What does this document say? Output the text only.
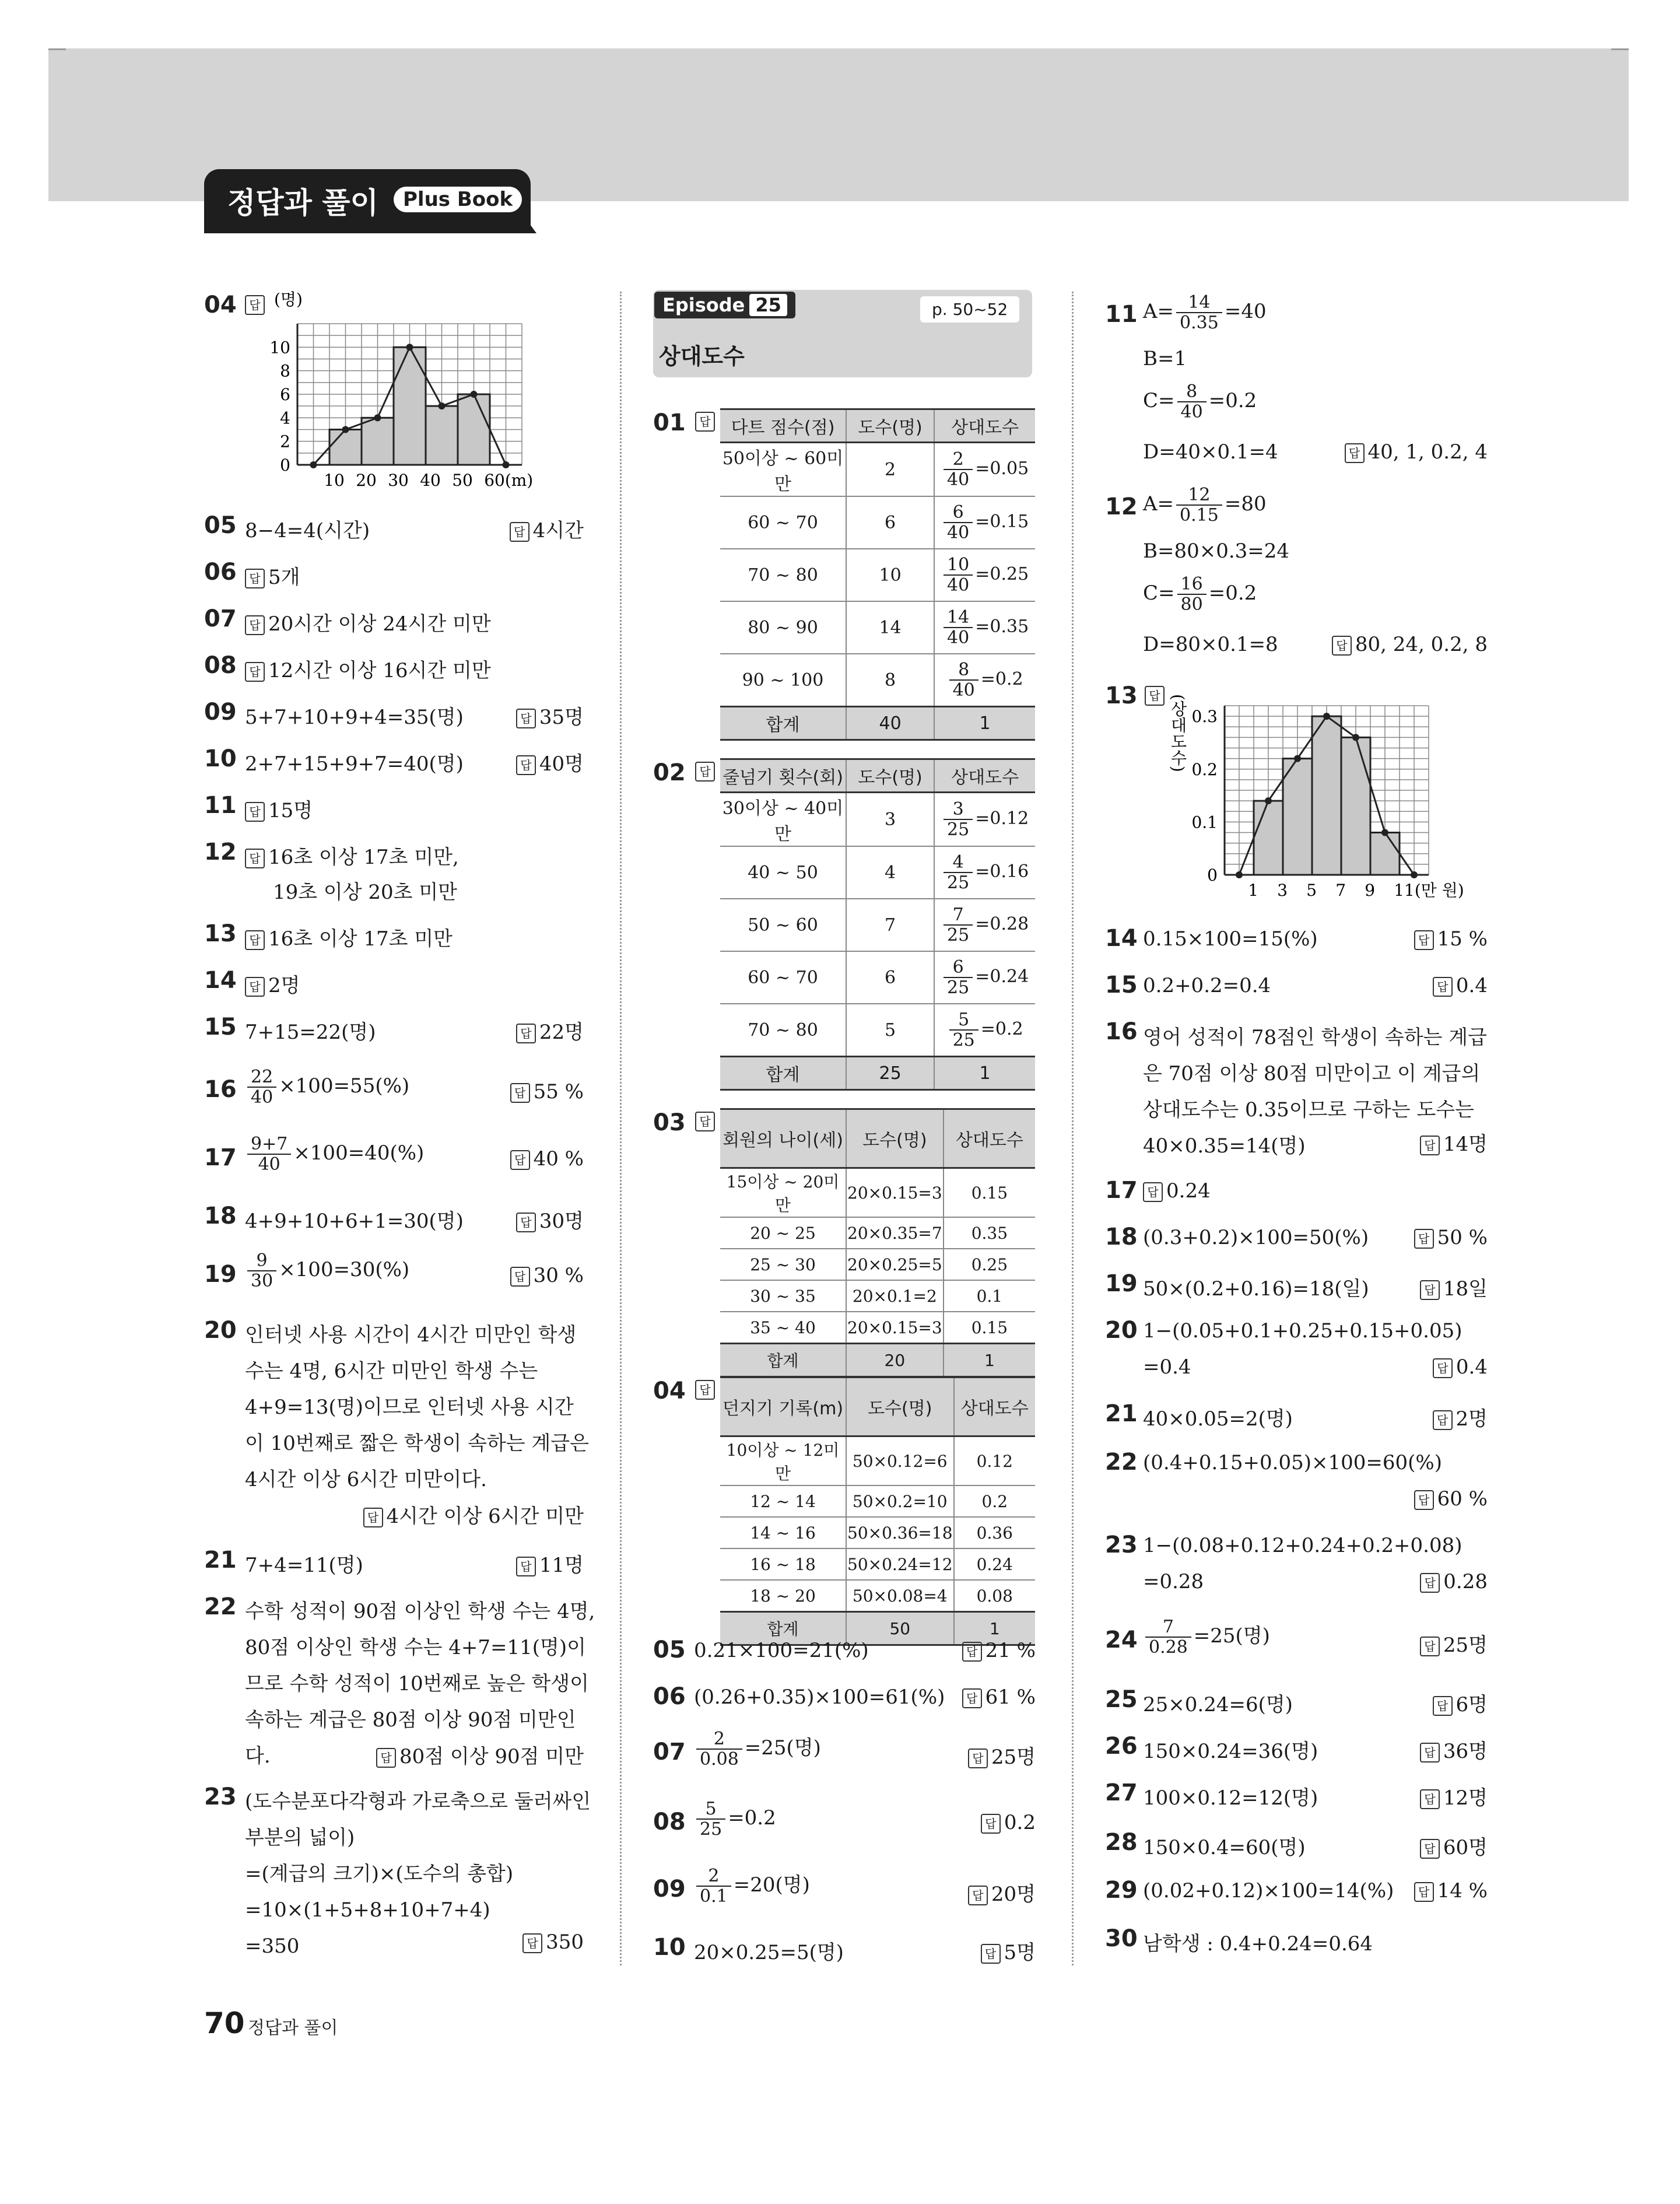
정답과 풀이	Plus Book
04	답
0
2
4
6
8
10
10 20 30 40 50 60(m)
(명)
05 8−4=4(시간)	답 4시간
06	답 5개
07	답 20시간 이상 24시간 미만
08	답 12시간 이상 16시간 미만
09 5+7+10+9+4=35(명)	답 35명
10 2+7+15+9+7=40(명)	답 40명
11	답 15명
12	답 16초 이상 17초 미만,
19초 이상 20초 미만
13	답 16초 이상 17초 미만
14	답 2명
15 7+15=22(명)	답 22명
$16 \frac{22}{40} \times 100=55(\%)$	답 55 %
$17 \frac{9+7}{40} \times 100=40(\%)$	답 40 %
18 4+9+10+6+1=30(명)	답 30명
$19 \frac{9}{30} \times 100=30(\%)$	답 30 %
20 인터넷 사용 시간이 4시간 미만인 학생
수는 4명, 6시간 미만인 학생 수는
4+9=13(명)이므로 인터넷 사용 시간
이 10번째로 짧은 학생이 속하는 계급은
4시간 이상 6시간 미만이다.
답 4시간 이상 6시간 미만
21 7+4=11(명)	답 11명
22 수학 성적이 90점 이상인 학생 수는 4명,
80점 이상인 학생 수는 4+7=11(명)이
므로 수학 성적이 10번째로 높은 학생이
속하는 계급은 80점 이상 90점 미만인
다.	답 80점 이상 90점 미만
23 (도수분포다각형과 가로축으로 둘러싸인
부분의 넓이)
=(계급의 크기)×(도수의 총합)
=10×(1+5+8+10+7+4)
=350	답 350
Episode 25	p. 50~52
상대도수
01	답 다트 점수(점)	도수(명)	상대도수
50이상 ~ 60미만	2	$\frac{2}{40} =0.05$
60 ~ 70	6	$\frac{6}{40} =0.15$
70 ~ 80	10	$\frac{10}{40} =0.25$
80 ~ 90	14	$\frac{14}{40} =0.35$
90 ~ 100	8	$\frac{8}{40} =0.2$
합계	40	1
02	답 줄넘기 횟수(회)	도수(명)	상대도수
30이상 ~ 40미만	3	$\frac{3}{25} =0.12$
40 ~ 50	4	$\frac{4}{25} =0.16$
50 ~ 60	7	$\frac{7}{25} =0.28$
60 ~ 70	6	$\frac{6}{25} =0.24$
70 ~ 80	5	$\frac{5}{25} =0.2$
합계	25	1
03	답
회원의 나이(세)	도수(명)	상대도수
15이상 ~ 20미만	20×0.15=3	0.15
20 ~ 25	20×0.35=7	0.35
25 ~ 30	20×0.25=5	0.25
30 ~ 35	20×0.1=2	0.1
35 ~ 40	20×0.15=3	0.15
합계	20	1
04	답
던지기 기록(m)	도수(명)	상대도수
10이상 ~ 12미만	50×0.12=6	0.12
12 ~ 14	50×0.2=10	0.2
14 ~ 16	50×0.36=18	0.36
16 ~ 18	50×0.24=12	0.24
18 ~ 20	50×0.08=4	0.08
합계	50	1
05 0.21×100=21(%)	답 21 %
06 (0.26+0.35)×100=61(%)	답 61 %
$07 \frac{2}{0.08} =25$(명)	답 25명
$08 \frac{5}{25} =0.2$	답 0.2
$09 \frac{2}{0.1} =20$(명)	답 20명
10 20×0.25=5(명)	답 5명
11 $A= \frac{14}{0.35} =40$
B=1
$C= \frac{8}{40} =0.2$
D=40×0.1=4	답 40, 1, 0.2, 4
12 $A= \frac{12}{0.15} =80$
B=80×0.3=24
$C= \frac{16}{80} =0.2$
D=80×0.1=8	답 80, 24, 0.2, 8
13 답
14 0.15×100=15(%)	답 15 %
15 0.2+0.2=0.4	답 0.4
16 영어 성적이 78점인 학생이 속하는 계급
은 70점 이상 80점 미만이고 이 계급의
상대도수는 0.35이므로 구하는 도수는
40×0.35=14(명)	답 14명
17 답 0.24
18 (0.3+0.2)×100=50(%)	답 50 %
19 50×(0.2+0.16)=18(일)	답 18일
20 1−(0.05+0.1+0.25+0.15+0.05)
=0.4	답 0.4
21 40×0.05=2(명)	답 2명
22 (0.4+0.15+0.05)×100=60(%)
답 60 %
23 1−(0.08+0.12+0.24+0.2+0.08)
=0.28	답 0.28
$24 \frac{7}{0.28} =25$(명)	답 25명
25 25×0.24=6(명)	답 6명
26 150×0.24=36(명)	답 36명
27 100×0.12=12(명)	답 12명
28 150×0.4=60(명)	답 60명
29 (0.02+0.12)×100=14(%)	답 14 %
30 남학생 : 0.4+0.24=0.64
0
0.1
0.2
0.3
1 3 5 7 9 11(만 원)
(상대도수)
70 정답과 풀이
